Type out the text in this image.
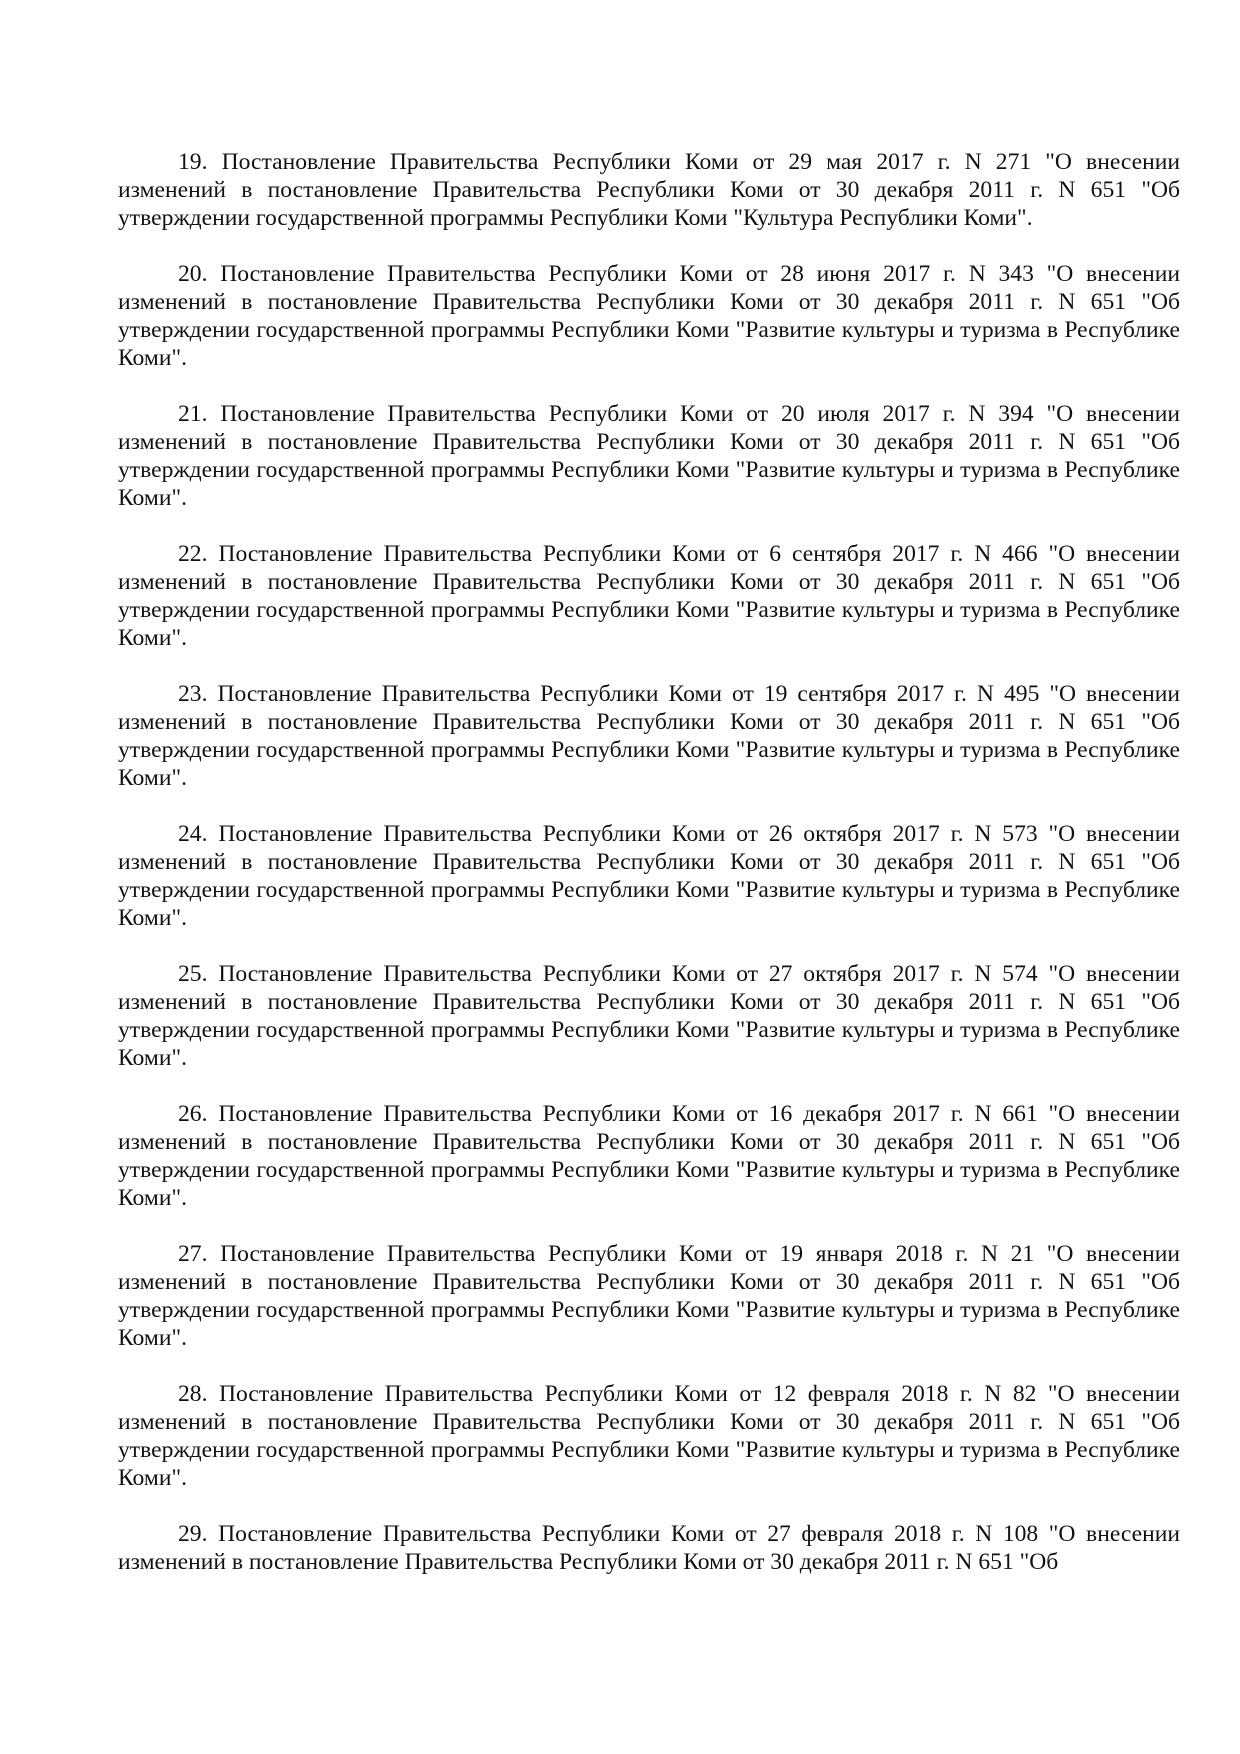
19. Постановление Правительства Республики Коми от 29 мая 2017 г. N 271 "О внесении изменений в постановление Правительства Республики Коми от 30 декабря 2011 г. N 651 "Об утверждении государственной программы Республики Коми "Культура Республики Коми".

20. Постановление Правительства Республики Коми от 28 июня 2017 г. N 343 "О внесении изменений в постановление Правительства Республики Коми от 30 декабря 2011 г. N 651 "Об утверждении государственной программы Республики Коми "Развитие культуры и туризма в Республике Коми".

21. Постановление Правительства Республики Коми от 20 июля 2017 г. N 394 "О внесении изменений в постановление Правительства Республики Коми от 30 декабря 2011 г. N 651 "Об утверждении государственной программы Республики Коми "Развитие культуры и туризма в Республике Коми".

22. Постановление Правительства Республики Коми от 6 сентября 2017 г. N 466 "О внесении изменений в постановление Правительства Республики Коми от 30 декабря 2011 г. N 651 "Об утверждении государственной программы Республики Коми "Развитие культуры и туризма в Республике Коми".

23. Постановление Правительства Республики Коми от 19 сентября 2017 г. N 495 "О внесении изменений в постановление Правительства Республики Коми от 30 декабря 2011 г. N 651 "Об утверждении государственной программы Республики Коми "Развитие культуры и туризма в Республике Коми".

24. Постановление Правительства Республики Коми от 26 октября 2017 г. N 573 "О внесении изменений в постановление Правительства Республики Коми от 30 декабря 2011 г. N 651 "Об утверждении государственной программы Республики Коми "Развитие культуры и туризма в Республике Коми".

25. Постановление Правительства Республики Коми от 27 октября 2017 г. N 574 "О внесении изменений в постановление Правительства Республики Коми от 30 декабря 2011 г. N 651 "Об утверждении государственной программы Республики Коми "Развитие культуры и туризма в Республике Коми".

26. Постановление Правительства Республики Коми от 16 декабря 2017 г. N 661 "О внесении изменений в постановление Правительства Республики Коми от 30 декабря 2011 г. N 651 "Об утверждении государственной программы Республики Коми "Развитие культуры и туризма в Республике Коми".

27. Постановление Правительства Республики Коми от 19 января 2018 г. N 21 "О внесении изменений в постановление Правительства Республики Коми от 30 декабря 2011 г. N 651 "Об утверждении государственной программы Республики Коми "Развитие культуры и туризма в Республике Коми".

28. Постановление Правительства Республики Коми от 12 февраля 2018 г. N 82 "О внесении изменений в постановление Правительства Республики Коми от 30 декабря 2011 г. N 651 "Об утверждении государственной программы Республики Коми "Развитие культуры и туризма в Республике Коми".

29. Постановление Правительства Республики Коми от 27 февраля 2018 г. N 108 "О внесении изменений в постановление Правительства Республики Коми от 30 декабря 2011 г. N 651 "Об
